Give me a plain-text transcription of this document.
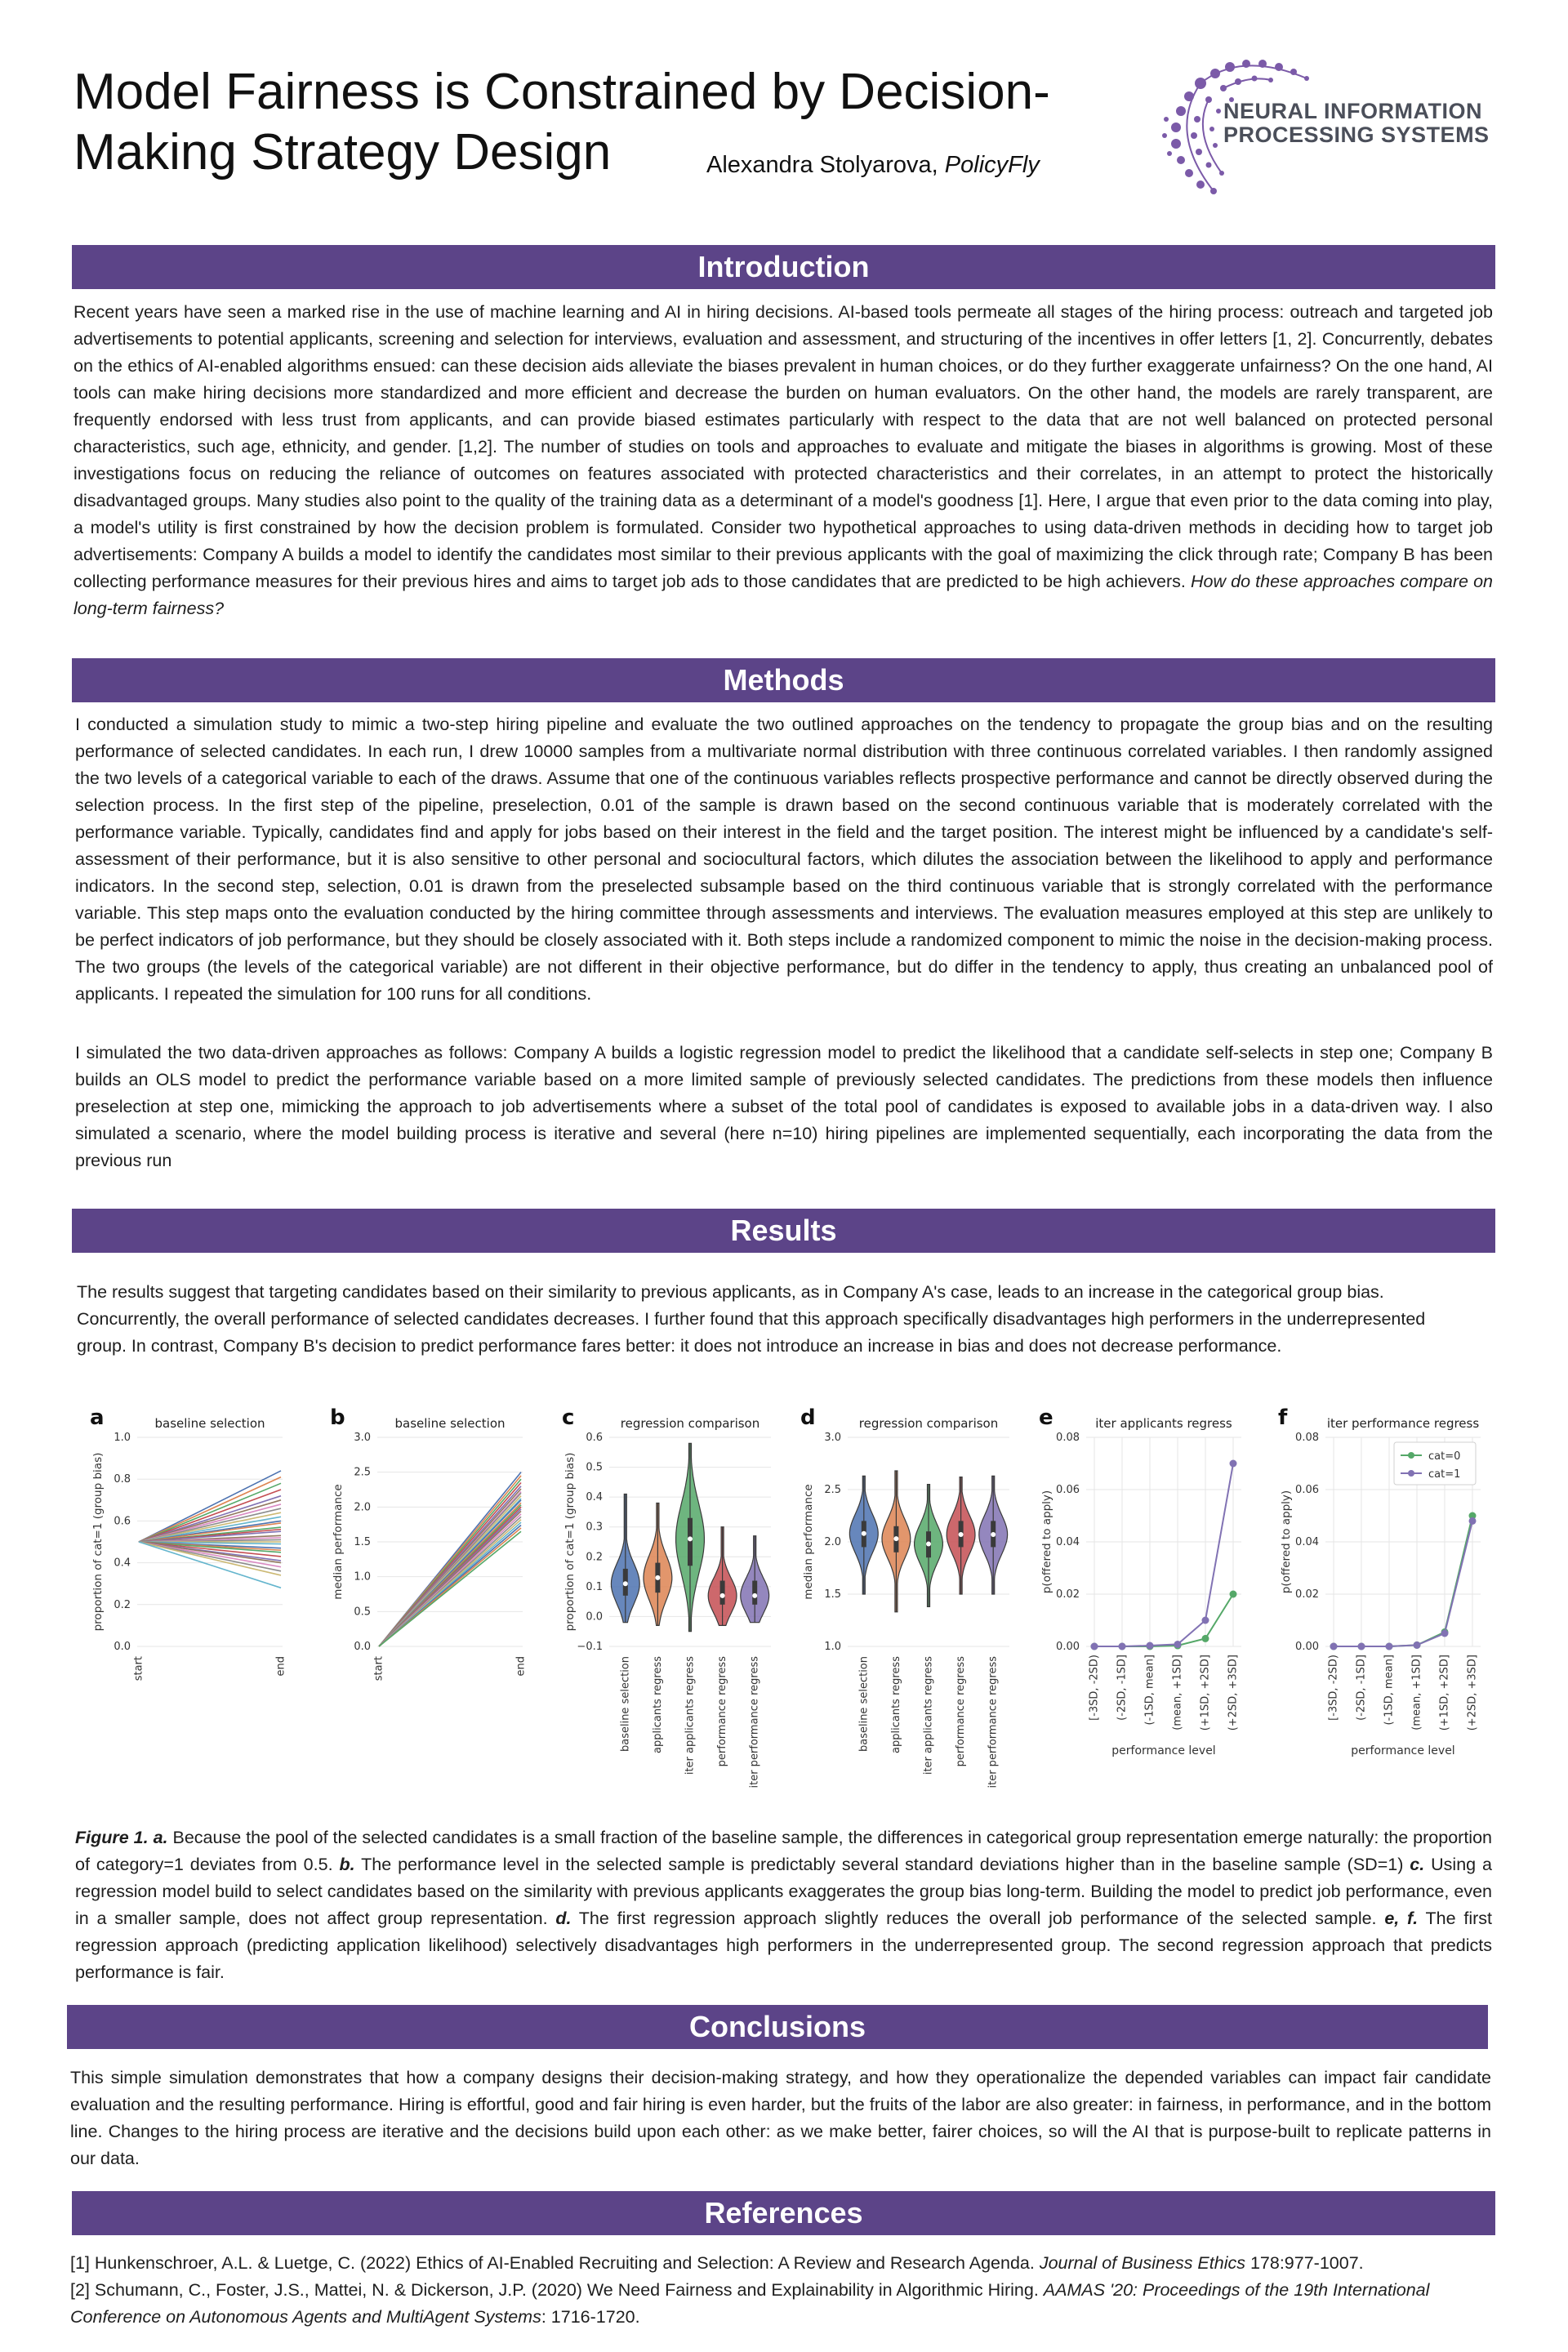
Model Fairness is Constrained by Decision-
Making Strategy Design	Alexandra Stolyarova, PolicyFly
NEURAL INFORMATION
PROCESSING SYSTEMS
Introduction

Recent years have seen a marked rise in the use of machine learning and AI in hiring decisions. AI-based tools permeate all stages of the hiring process: outreach and targeted job advertisements to potential applicants, screening and selection for interviews, evaluation and assessment, and structuring of the incentives in offer letters [1, 2]. Concurrently, debates on the ethics of AI-enabled algorithms ensued: can these decision aids alleviate the biases prevalent in human choices, or do they further exaggerate unfairness? On the one hand, AI tools can make hiring decisions more standardized and more efficient and decrease the burden on human evaluators. On the other hand, the models are rarely transparent, are frequently endorsed with less trust from applicants, and can provide biased estimates particularly with respect to the data that are not well balanced on protected personal characteristics, such age, ethnicity, and gender. [1,2]. The number of studies on tools and approaches to evaluate and mitigate the biases in algorithms is growing. Most of these investigations focus on reducing the reliance of outcomes on features associated with protected characteristics and their correlates, in an attempt to protect the historically disadvantaged groups. Many studies also point to the quality of the training data as a determinant of a model's goodness [1]. Here, I argue that even prior to the data coming into play, a model's utility is first constrained by how the decision problem is formulated. Consider two hypothetical approaches to using data-driven methods in deciding how to target job advertisements: Company A builds a model to identify the candidates most similar to their previous applicants with the goal of maximizing the click through rate; Company B has been collecting performance measures for their previous hires and aims to target job ads to those candidates that are predicted to be high achievers. How do these approaches compare on long-term fairness?

Methods

I conducted a simulation study to mimic a two-step hiring pipeline and evaluate the two outlined approaches on the tendency to propagate the group bias and on the resulting performance of selected candidates. In each run, I drew 10000 samples from a multivariate normal distribution with three continuous correlated variables. I then randomly assigned the two levels of a categorical variable to each of the draws. Assume that one of the continuous variables reflects prospective performance and cannot be directly observed during the selection process. In the first step of the pipeline, preselection, 0.01 of the sample is drawn based on the second continuous variable that is moderately correlated with the performance variable. Typically, candidates find and apply for jobs based on their interest in the field and the target position. The interest might be influenced by a candidate's self-assessment of their performance, but it is also sensitive to other personal and sociocultural factors, which dilutes the association between the likelihood to apply and performance indicators. In the second step, selection, 0.01 is drawn from the preselected subsample based on the third continuous variable that is strongly correlated with the performance variable. This step maps onto the evaluation conducted by the hiring committee through assessments and interviews. The evaluation measures employed at this step are unlikely to be perfect indicators of job performance, but they should be closely associated with it. Both steps include a randomized component to mimic the noise in the decision-making process. The two groups (the levels of the categorical variable) are not different in their objective performance, but do differ in the tendency to apply, thus creating an unbalanced pool of applicants. I repeated the simulation for 100 runs for all conditions.

I simulated the two data-driven approaches as follows: Company A builds a logistic regression model to predict the likelihood that a candidate self-selects in step one; Company B builds an OLS model to predict the performance variable based on a more limited sample of previously selected candidates. The predictions from these models then influence preselection at step one, mimicking the approach to job advertisements where a subset of the total pool of candidates is exposed to available jobs in a data-driven way. I also simulated a scenario, where the model building process is iterative and several (here n=10) hiring pipelines are implemented sequentially, each incorporating the data from the previous run

Results

The results suggest that targeting candidates based on their similarity to previous applicants, as in Company A's case, leads to an increase in the categorical group bias. Concurrently, the overall performance of selected candidates decreases. I further found that this approach specifically disadvantages high performers in the underrepresented group. In contrast, Company B's decision to predict performance fares better: it does not introduce an increase in bias and does not decrease performance.

0.0
0.2
0.4
0.6
0.8
1.0
a	baseline selection
proportion of cat=1 (group bias)
start	end
0.0
0.5
1.0
1.5
2.0
2.5
3.0
b	baseline selection
median performance
start	end
−0.1
0.0
0.1
0.2
0.3
0.4
0.5
0.6
c	regression comparison
proportion of cat=1 (group bias)
baseline selection applicants regress iter applicants regress performance regress iter performance regress
1.0
1.5
2.0
2.5
3.0
d	regression comparison
median performance
baseline selection applicants regress iter applicants regress performance regress iter performance regress
0.00
0.02
0.04
0.06
0.08
e	iter applicants regress
p(offered to apply)
[-3SD, -2SD) (-2SD, -1SD] (-1SD, mean] (mean, +1SD] (+1SD, +2SD] (+2SD, +3SD]
performance level
0.00
0.02
0.04
0.06
0.08
f	iter performance regress
p(offered to apply)
[-3SD, -2SD) (-2SD, -1SD] (-1SD, mean] (mean, +1SD] (+1SD, +2SD] (+2SD, +3SD]
performance level
cat=0
cat=1
Figure 1. a. Because the pool of the selected candidates is a small fraction of the baseline sample, the differences in categorical group representation emerge naturally: the proportion of category=1 deviates from 0.5. b. The performance level in the selected sample is predictably several standard deviations higher than in the baseline sample (SD=1) c. Using a regression model build to select candidates based on the similarity with previous applicants exaggerates the group bias long-term. Building the model to predict job performance, even in a smaller sample, does not affect group representation. d. The first regression approach slightly reduces the overall job performance of the selected sample. e, f. The first regression approach (predicting application likelihood) selectively disadvantages high performers in the underrepresented group. The second regression approach that predicts performance is fair.
Conclusions

This simple simulation demonstrates that how a company designs their decision-making strategy, and how they operationalize the depended variables can impact fair candidate evaluation and the resulting performance. Hiring is effortful, good and fair hiring is even harder, but the fruits of the labor are also greater: in fairness, in performance, and in the bottom line. Changes to the hiring process are iterative and the decisions build upon each other: as we make better, fairer choices, so will the AI that is purpose-built to replicate patterns in our data.

References
[1] Hunkenschroer, A.L. & Luetge, C. (2022) Ethics of AI-Enabled Recruiting and Selection: A Review and Research Agenda. Journal of Business Ethics 178:977-1007.
[2] Schumann, C., Foster, J.S., Mattei, N. & Dickerson, J.P. (2020) We Need Fairness and Explainability in Algorithmic Hiring. AAMAS '20: Proceedings of the 19th International Conference on Autonomous Agents and MultiAgent Systems: 1716-1720.
